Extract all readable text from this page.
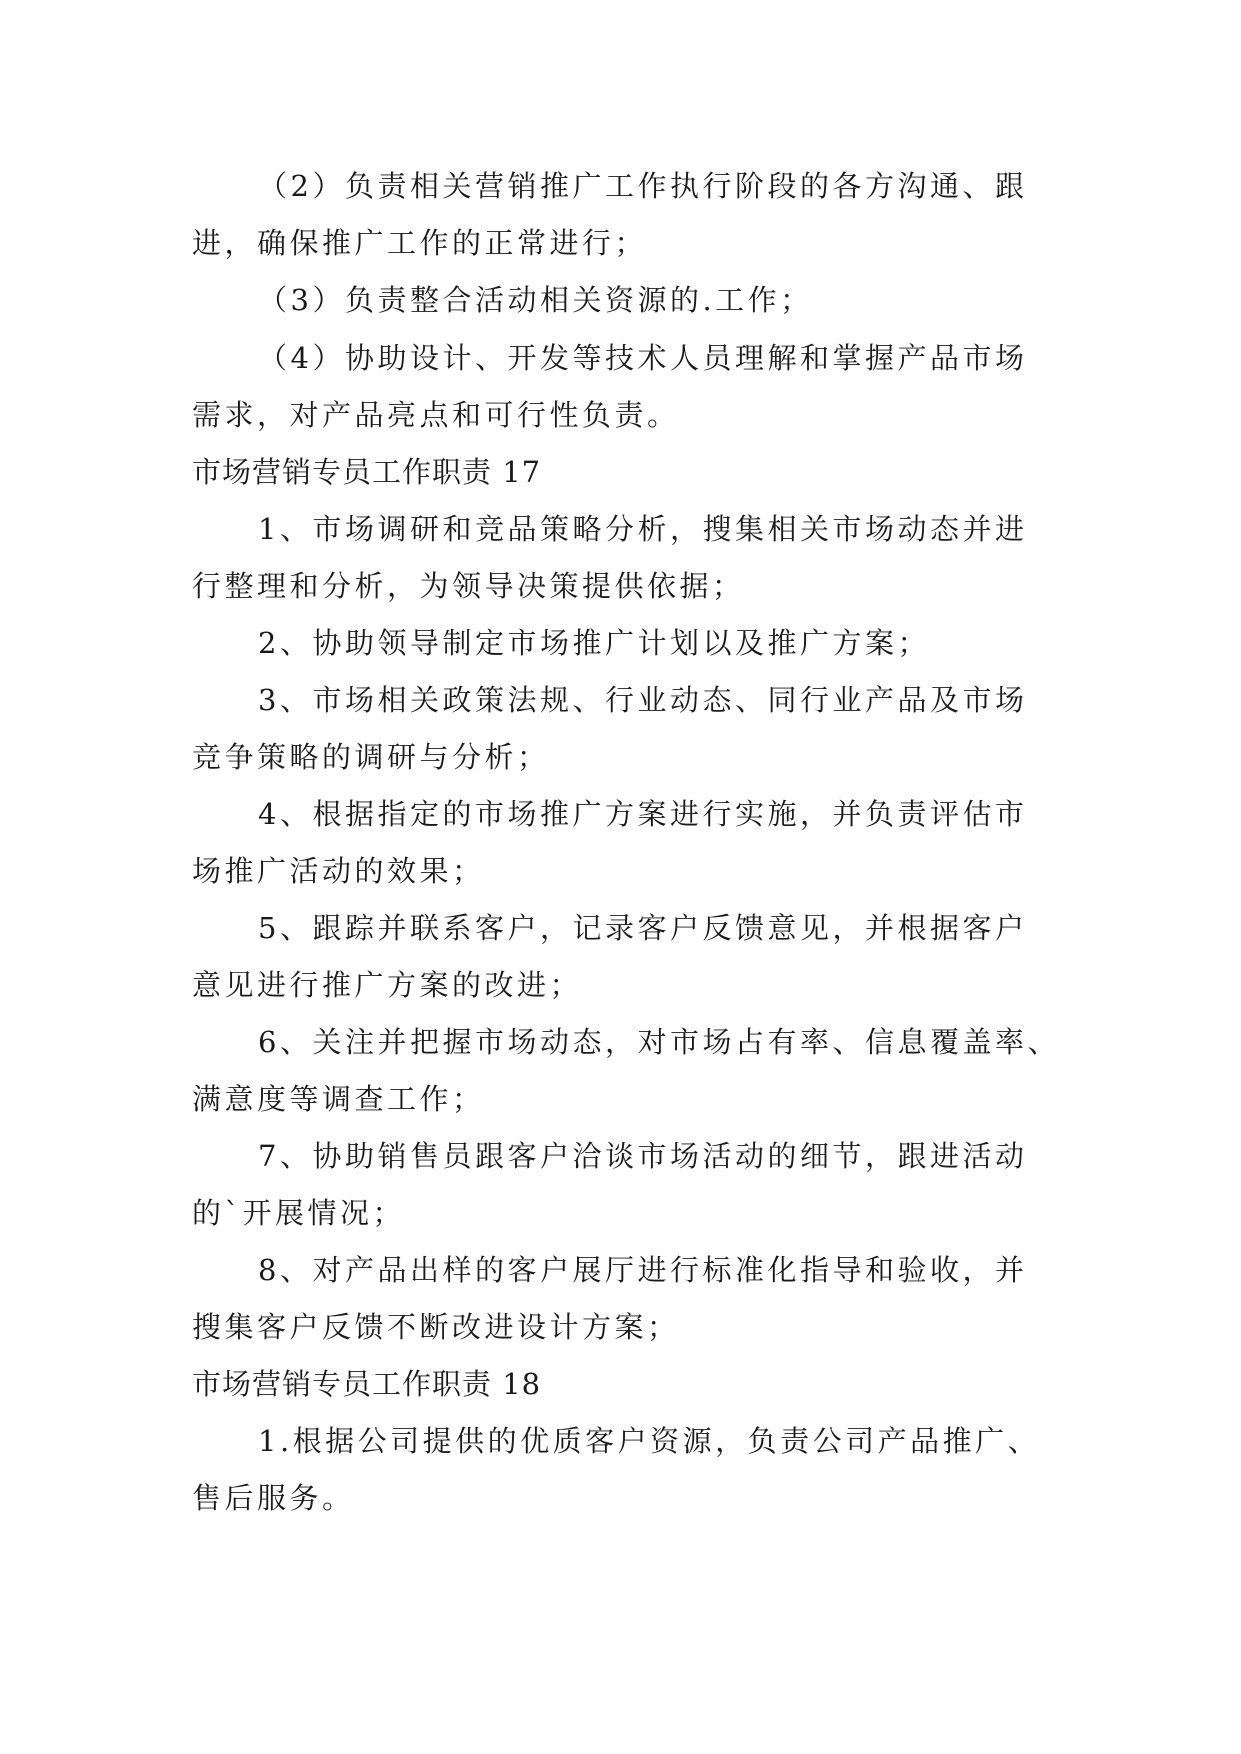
（2）负责相关营销推广工作执行阶段的各方沟通、跟
进，确保推广工作的正常进行；
（3）负责整合活动相关资源的.工作；
（4）协助设计、开发等技术人员理解和掌握产品市场
需求，对产品亮点和可行性负责。
市场营销专员工作职责 17
1、市场调研和竞品策略分析，搜集相关市场动态并进
行整理和分析，为领导决策提供依据；
2、协助领导制定市场推广计划以及推广方案；
3、市场相关政策法规、行业动态、同行业产品及市场
竞争策略的调研与分析；
4、根据指定的市场推广方案进行实施，并负责评估市
场推广活动的效果；
5、跟踪并联系客户，记录客户反馈意见，并根据客户
意见进行推广方案的改进；
6、关注并把握市场动态，对市场占有率、信息覆盖率、
满意度等调查工作；
7、协助销售员跟客户洽谈市场活动的细节，跟进活动
的`开展情况；
8、对产品出样的客户展厅进行标准化指导和验收，并
搜集客户反馈不断改进设计方案；
市场营销专员工作职责 18
1.根据公司提供的优质客户资源，负责公司产品推广、
售后服务。
